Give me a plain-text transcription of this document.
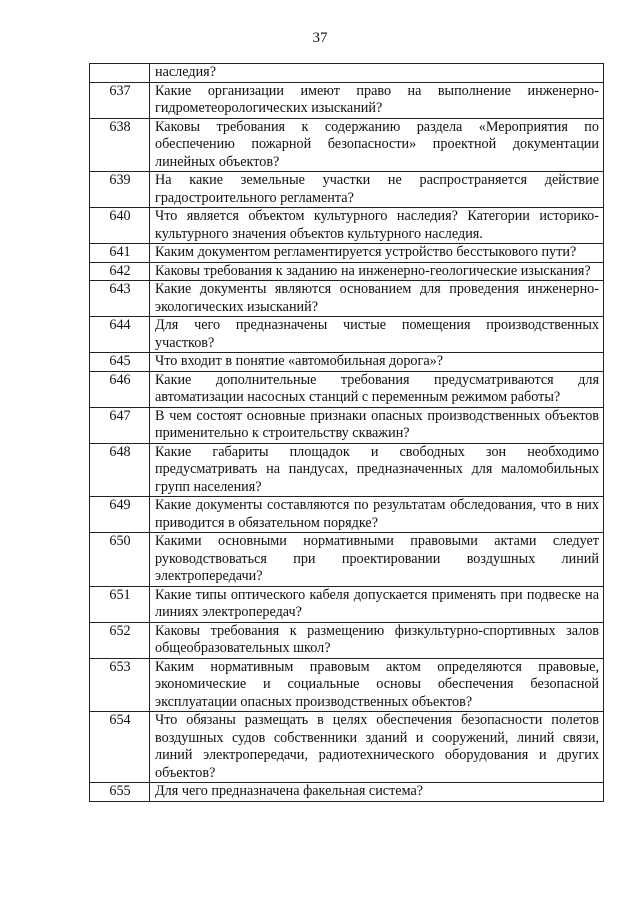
37
	наследия?
637	Какие организации имеют право на выполнение инженерно-гидрометеорологических изысканий?
638	Каковы требования к содержанию раздела «Мероприятия по обеспечению пожарной безопасности» проектной документации линейных объектов?
639	На какие земельные участки не распространяется действие градостроительного регламента?
640	Что является объектом культурного наследия? Категории историко-культурного значения объектов культурного наследия.
641	Каким документом регламентируется устройство бесстыкового пути?
642	Каковы требования к заданию на инженерно-геологические изыскания?
643	Какие документы являются основанием для проведения инженерно-экологических изысканий?
644	Для чего предназначены чистые помещения производственных участков?
645	Что входит в понятие «автомобильная дорога»?
646	Какие дополнительные требования предусматриваются для автоматизации насосных станций с переменным режимом работы?
647	В чем состоят основные признаки опасных производственных объектов применительно к строительству скважин?
648	Какие габариты площадок и свободных зон необходимо предусматривать на пандусах, предназначенных для маломобильных групп населения?
649	Какие документы составляются по результатам обследования, что в них приводится в обязательном порядке?
650	Какими основными нормативными правовыми актами следует руководствоваться при проектировании воздушных линий электропередачи?
651	Какие типы оптического кабеля допускается применять при подвеске на линиях электропередач?
652	Каковы требования к размещению физкультурно-спортивных залов общеобразовательных школ?
653	Каким нормативным правовым актом определяются правовые, экономические и социальные основы обеспечения безопасной эксплуатации опасных производственных объектов?
654	Что обязаны размещать в целях обеспечения безопасности полетов воздушных судов собственники зданий и сооружений, линий связи, линий электропередачи, радиотехнического оборудования и других объектов?
655	Для чего предназначена факельная система?
